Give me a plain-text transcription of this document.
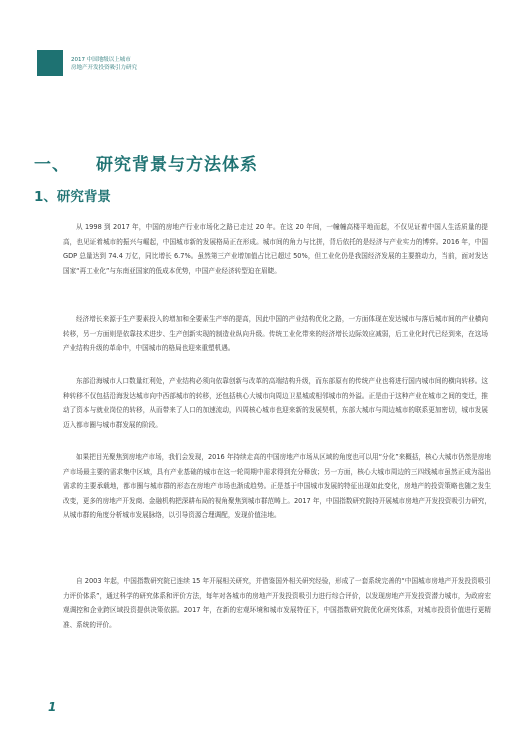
2017 中国地级以上城市
房地产开发投资吸引力研究
一、 研究背景与方法体系
1、研究背景

从 1998 到 2017 年，中国的房地产行业市场化之路已走过 20 年。在这 20 年间，一幢幢高楼平地而起，不仅见证着中国人生活质量的提高，也见证着城市的振兴与崛起，中国城市新的发展格局正在形成。城市间的角力与比拼，背后依托的是经济与产业实力的博弈。2016 年，中国 GDP 总量达到 74.4 万亿，同比增长 6.7%。虽然第三产业增加值占比已超过 50%，但工业化仍是我国经济发展的主要推动力，当前，面对发达国家“再工业化”与东南亚国家的低成本优势，中国产业经济转型迫在眉睫。

经济增长来源于生产要素投入的增加和全要素生产率的提高，因此中国的产业结构优化之路，一方面体现在发达城市与落后城市间的产业横向转移，另一方面则是依靠技术进步、生产创新实现的制造业纵向升级。传统工业化带来的经济增长边际效应减弱，后工业化时代已经到来，在这场产业结构升级的革命中，中国城市的格局也迎来重塑机遇。

东部沿海城市人口数量红利处，产业结构必须向依靠创新与改革的高端结构升级，而东部原有的传统产业也将进行国内城市间的横向转移。这种转移不仅包括沿海发达城市向中西部城市的转移，还包括核心大城市向周边卫星城或相邻城市的外溢。正是由于这种产业在城市之间的变迁，推动了资本与就业岗位的转移，从而带来了人口的加速流动，四周核心城市也迎来新的发展契机，东部大城市与周边城市的联系更加密切，城市发展迈入都市圈与城市群发展的阶段。

如果把目光聚焦到房地产市场，我们会发现，2016 年持续走高的中国房地产市场从区域的角度也可以用“分化”来概括，核心大城市仍然是房地产市场最主要的需求集中区域，具有产业基础的城市在这一轮周期中需求得到充分释放；另一方面，核心大城市周边的三四线城市虽然正成为溢出需求的主要承载地，都市圈与城市群的形态在房地产市场也渐成趋势。正是基于中国城市发展的特征出现如此变化，房地产的投资策略也随之发生改变，更多的房地产开发商、金融机构把深耕布局的视角聚焦到城市群范畴上。2017 年，中国指数研究院持开展城市房地产开发投资吸引力研究，从城市群的角度分析城市发展脉络，以引导资源合理调配，发现价值洼地。

自 2003 年起，中国指数研究院已连续 15 年开展相关研究，并借鉴国外相关研究经验，形成了一套系统完善的“中国城市房地产开发投资吸引力评价体系”，通过科学的研究体系和评价方法，每年对各城市的房地产开发投资吸引力进行综合评价，以发现房地产开发投资潜力城市，为政府宏观调控和企业跨区域投资提供决策依据。2017 年，在新的宏观环境和城市发展特征下，中国指数研究院优化研究体系，对城市投资价值进行更精准、系统的评价。

1
